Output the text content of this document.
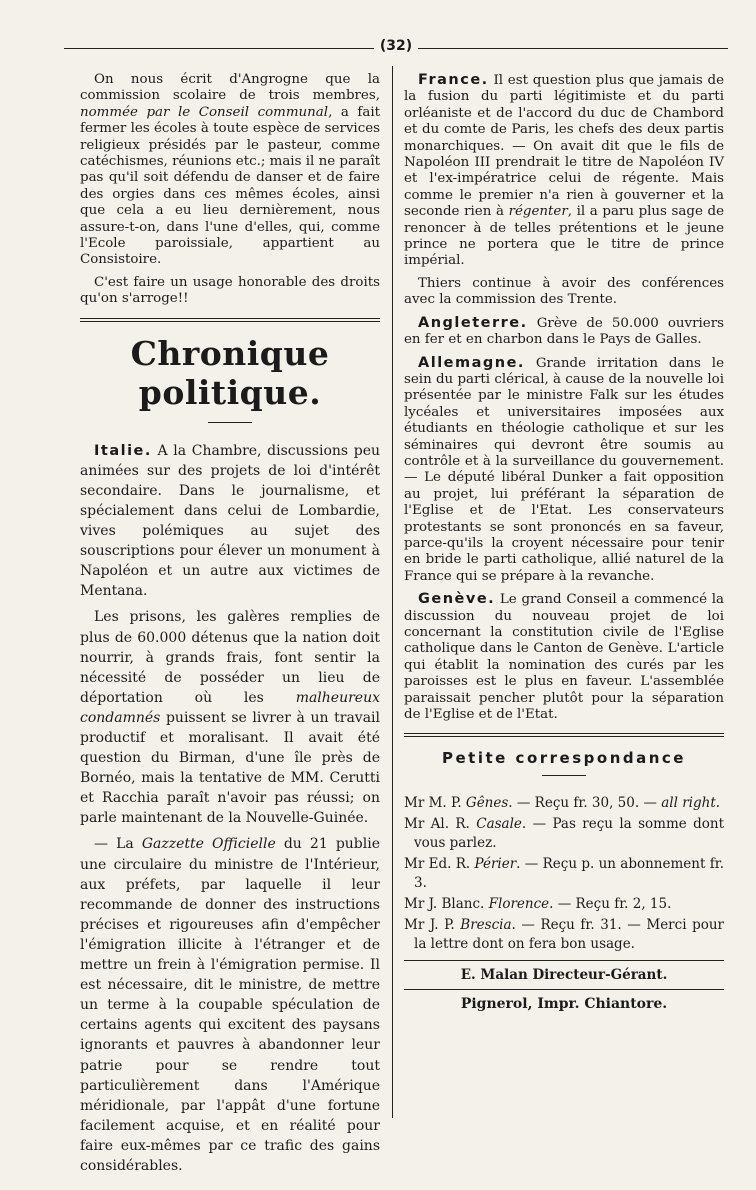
(32)

On nous écrit d'Angrogne que la commission scolaire de trois membres, nommée par le Conseil communal, a fait fermer les écoles à toute espèce de services religieux présidés par le pasteur, comme catéchismes, réunions etc.; mais il ne paraît pas qu'il soit défendu de danser et de faire des orgies dans ces mêmes écoles, ainsi que cela a eu lieu dernièrement, nous assure-t-on, dans l'une d'elles, qui, comme l'Ecole paroissiale, appartient au Consistoire.

C'est faire un usage honorable des droits qu'on s'arroge!!

Chronique politique.

Italie. A la Chambre, discussions peu animées sur des projets de loi d'intérêt secondaire. Dans le journalisme, et spécialement dans celui de Lombardie, vives polémiques au sujet des souscriptions pour élever un monument à Napoléon et un autre aux victimes de Mentana.

Les prisons, les galères remplies de plus de 60.000 détenus que la nation doit nourrir, à grands frais, font sentir la nécessité de posséder un lieu de déportation où les malheureux condamnés puissent se livrer à un travail productif et moralisant. Il avait été question du Birman, d'une île près de Bornéo, mais la tentative de MM. Cerutti et Racchia paraît n'avoir pas réussi; on parle maintenant de la Nouvelle-Guinée.

— La Gazzette Officielle du 21 publie une circulaire du ministre de l'Intérieur, aux préfets, par laquelle il leur recommande de donner des instructions précises et rigoureuses afin d'empêcher l'émigration illicite à l'étranger et de mettre un frein à l'émigration permise. Il est nécessaire, dit le ministre, de mettre un terme à la coupable spéculation de certains agents qui excitent des paysans ignorants et pauvres à abandonner leur patrie pour se rendre tout particulièrement dans l'Amérique méridionale, par l'appât d'une fortune facilement acquise, et en réalité pour faire eux-mêmes par ce trafic des gains considérables.

France. Il est question plus que jamais de la fusion du parti légitimiste et du parti orléaniste et de l'accord du duc de Chambord et du comte de Paris, les chefs des deux partis monarchiques. — On avait dit que le fils de Napoléon III prendrait le titre de Napoléon IV et l'ex-impératrice celui de régente. Mais comme le premier n'a rien à gouverner et la seconde rien à régenter, il a paru plus sage de renoncer à de telles prétentions et le jeune prince ne portera que le titre de prince impérial.

Thiers continue à avoir des conférences avec la commission des Trente.

Angleterre. Grève de 50.000 ouvriers en fer et en charbon dans le Pays de Galles.

Allemagne. Grande irritation dans le sein du parti clérical, à cause de la nouvelle loi présentée par le ministre Falk sur les études lycéales et universitaires imposées aux étudiants en théologie catholique et sur les séminaires qui devront être soumis au contrôle et à la surveillance du gouvernement. — Le député libéral Dunker a fait opposition au projet, lui préférant la séparation de l'Eglise et de l'Etat. Les conservateurs protestants se sont prononcés en sa faveur, parce-qu'ils la croyent nécessaire pour tenir en bride le parti catholique, allié naturel de la France qui se prépare à la revanche.

Genève. Le grand Conseil a commencé la discussion du nouveau projet de loi concernant la constitution civile de l'Eglise catholique dans le Canton de Genève. L'article qui établit la nomination des curés par les paroisses est le plus en faveur. L'assemblée paraissait pencher plutôt pour la séparation de l'Eglise et de l'Etat.

Petite correspondance
Mr M. P. Gênes. — Reçu fr. 30, 50. — all right.
Mr Al. R. Casale. — Pas reçu la somme dont vous parlez.
Mr Ed. R. Périer. — Reçu p. un abonnement fr. 3.
Mr J. Blanc. Florence. — Reçu fr. 2, 15.
Mr J. P. Brescia. — Reçu fr. 31. — Merci pour la lettre dont on fera bon usage.
E. Malan Directeur-Gérant.
Pignerol, Impr. Chiantore.
